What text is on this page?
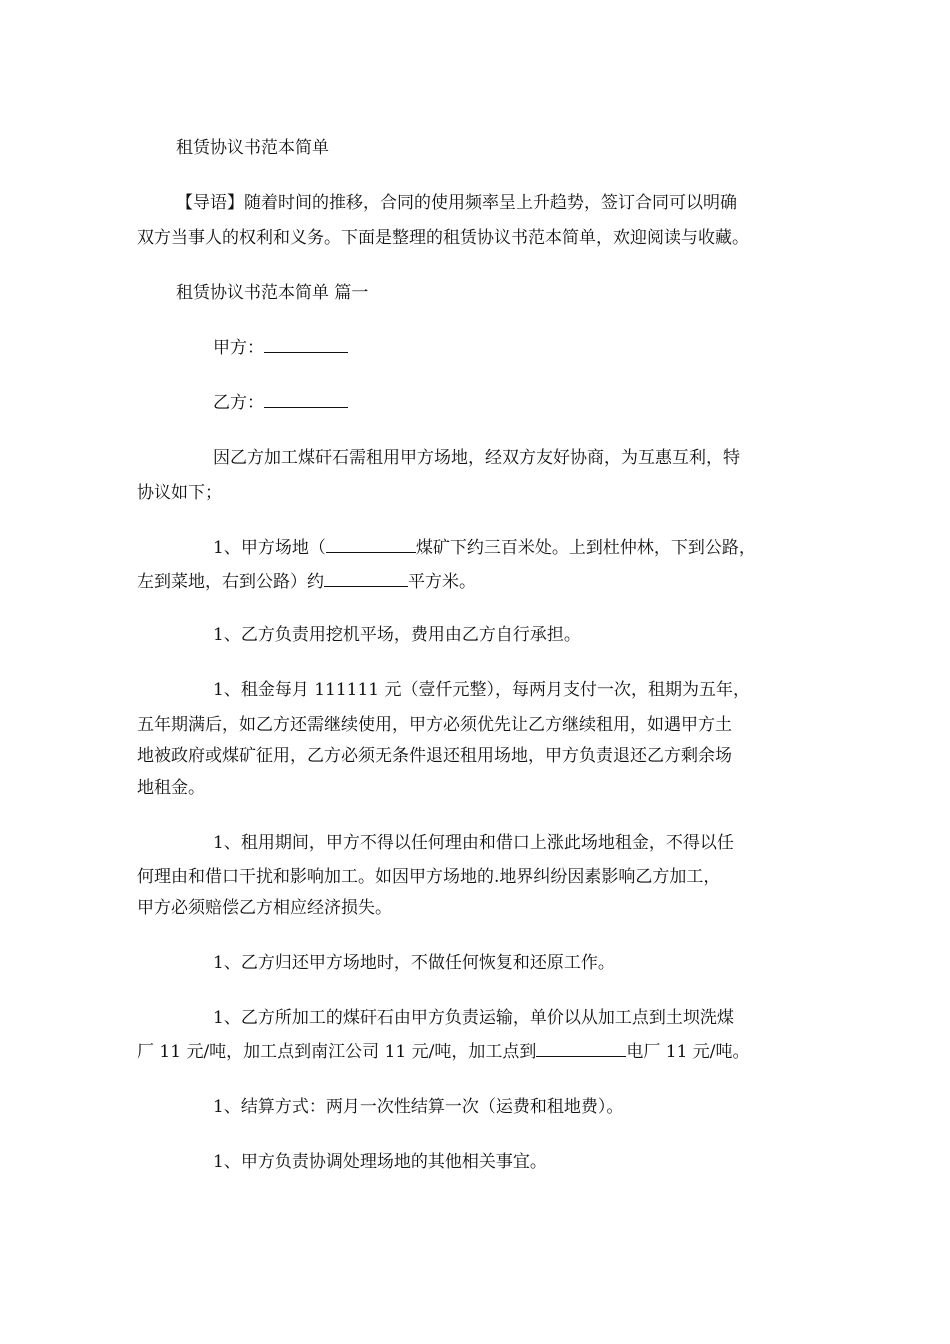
租赁协议书范本简单
【导语】随着时间的推移，合同的使用频率呈上升趋势，签订合同可以明确
双方当事人的权利和义务。下面是整理的租赁协议书范本简单，欢迎阅读与收藏。
租赁协议书范本简单 篇一
甲方：
乙方：
因乙方加工煤矸石需租用甲方场地，经双方友好协商，为互惠互利，特
协议如下；
1、甲方场地（	煤矿下约三百米处。上到杜仲林，下到公路，
左到菜地，右到公路）约	平方米。
1、乙方负责用挖机平场，费用由乙方自行承担。
1、租金每月 111111 元（壹仟元整），每两月支付一次，租期为五年，
五年期满后，如乙方还需继续使用，甲方必须优先让乙方继续租用，如遇甲方土
地被政府或煤矿征用，乙方必须无条件退还租用场地，甲方负责退还乙方剩余场
地租金。
1、租用期间，甲方不得以任何理由和借口上涨此场地租金，不得以任
何理由和借口干扰和影响加工。如因甲方场地的.地界纠纷因素影响乙方加工，
甲方必须赔偿乙方相应经济损失。
1、乙方归还甲方场地时，不做任何恢复和还原工作。
1、乙方所加工的煤矸石由甲方负责运输，单价以从加工点到土坝洗煤
厂 11 元/吨，加工点到南江公司 11 元/吨，加工点到	电厂 11 元/吨。
1、结算方式：两月一次性结算一次（运费和租地费）。
1、甲方负责协调处理场地的其他相关事宜。
